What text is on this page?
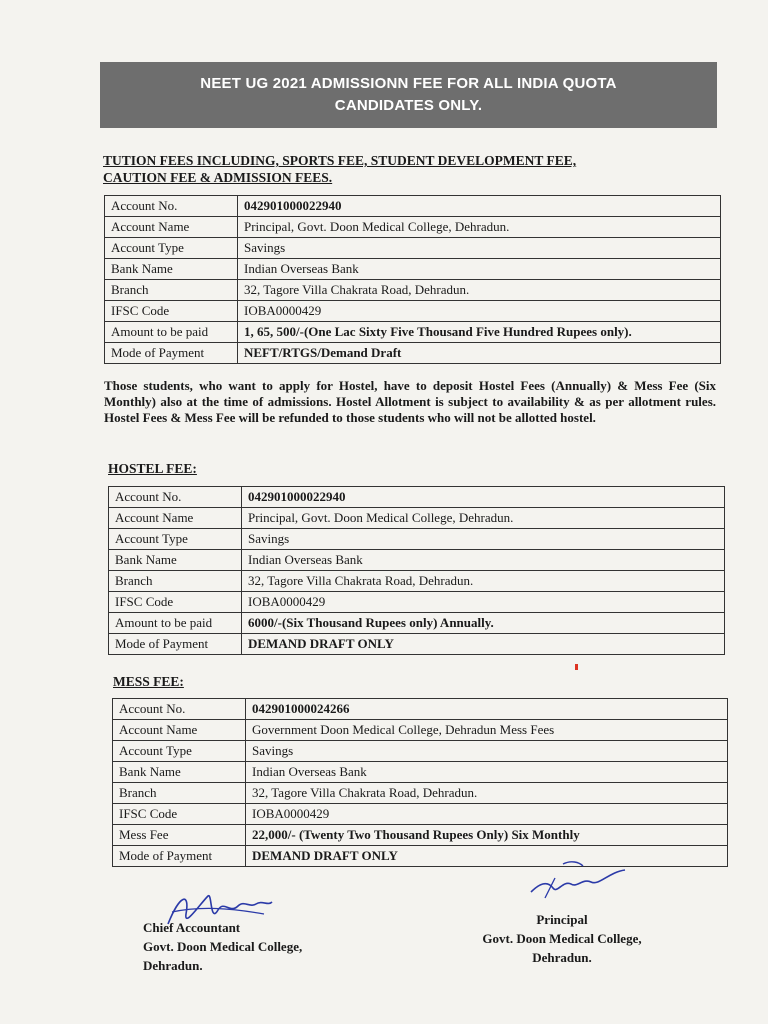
NEET UG 2021 ADMISSIONN FEE FOR ALL INDIA QUOTA
CANDIDATES ONLY.
TUTION FEES INCLUDING, SPORTS FEE, STUDENT DEVELOPMENT FEE,
CAUTION FEE & ADMISSION FEES.
Account No.	042901000022940
Account Name	Principal, Govt. Doon Medical College, Dehradun.
Account Type	Savings
Bank Name	Indian Overseas Bank
Branch	32, Tagore Villa Chakrata Road, Dehradun.
IFSC Code	IOBA0000429
Amount to be paid	1, 65, 500/-(One Lac Sixty Five Thousand Five Hundred Rupees only).
Mode of Payment	NEFT/RTGS/Demand Draft
Those students, who want to apply for Hostel, have to deposit Hostel Fees (Annually) & Mess Fee (Six Monthly) also at the time of admissions. Hostel Allotment is subject to availability & as per allotment rules. Hostel Fees & Mess Fee will be refunded to those students who will not be allotted hostel.
HOSTEL FEE:
Account No.	042901000022940
Account Name	Principal, Govt. Doon Medical College, Dehradun.
Account Type	Savings
Bank Name	Indian Overseas Bank
Branch	32, Tagore Villa Chakrata Road, Dehradun.
IFSC Code	IOBA0000429
Amount to be paid	6000/-(Six Thousand Rupees only) Annually.
Mode of Payment	DEMAND DRAFT ONLY
MESS FEE:
Account No.	042901000024266
Account Name	Government Doon Medical College, Dehradun Mess Fees
Account Type	Savings
Bank Name	Indian Overseas Bank
Branch	32, Tagore Villa Chakrata Road, Dehradun.
IFSC Code	IOBA0000429
Mess Fee	22,000/- (Twenty Two Thousand Rupees Only) Six Monthly
Mode of Payment	DEMAND DRAFT ONLY
Chief Accountant
Govt. Doon Medical College,
Dehradun.
Principal
Govt. Doon Medical College,
Dehradun.
